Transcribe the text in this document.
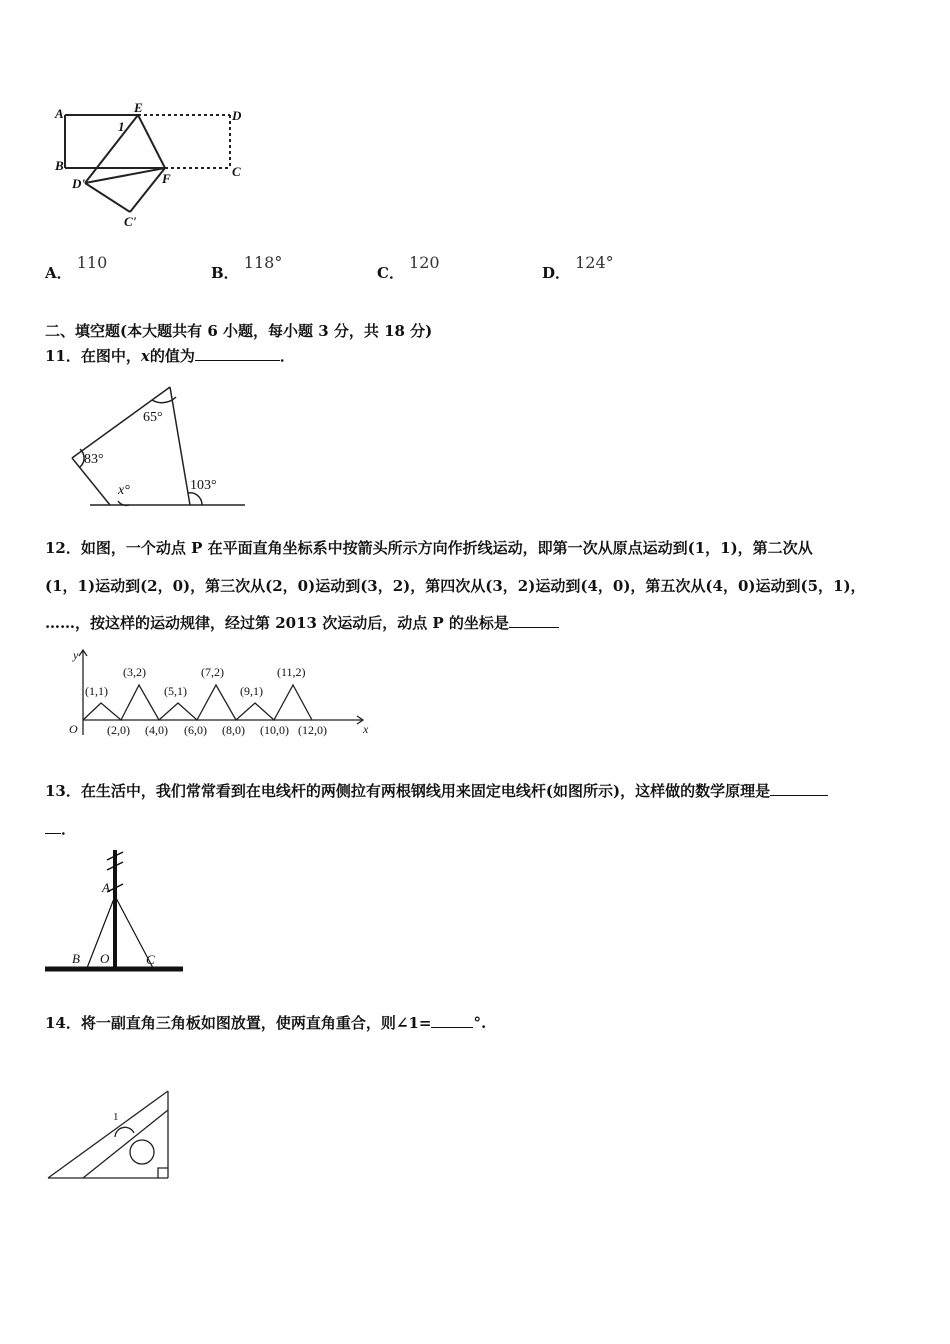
A	E
D
1
B
D'	F	C
C'
A． 110
B． 118°
C． 120
D． 124°
二、填空题(本大题共有 6 小题，每小题 3 分，共 18 分)
11．在图中，x的值为	．
65°
83°
103°
x°
12．如图，一个动点 P 在平面直角坐标系中按箭头所示方向作折线运动，即第一次从原点运动到(1，1)，第二次从
(1，1)运动到(2，0)，第三次从(2，0)运动到(3，2)，第四次从(3，2)运动到(4，0)，第五次从(4，0)运动到(5，1)，
……，按这样的运动规律，经过第 2013 次运动后，动点 P 的坐标是
y
x
O
(1,1)
(3,2)
(5,1)
(7,2)
(9,1)
(11,2)
(2,0) (4,0) (6,0) (8,0) (10,0) (12,0)
13．在生活中，我们常常看到在电线杆的两侧拉有两根钢线用来固定电线杆(如图所示)，这样做的数学原理是
．
A
B O	C
14．将一副直角三角板如图放置，使两直角重合，则∠1=	°.
1
